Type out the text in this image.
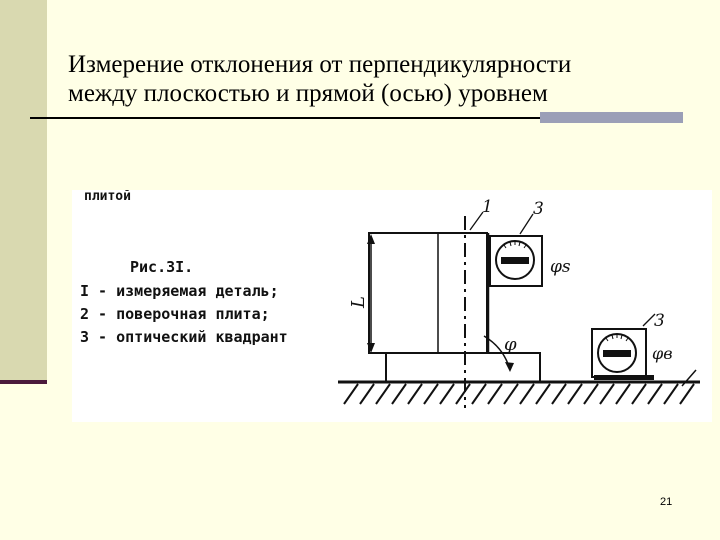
Измерение отклонения от перпендикулярности
между плоскостью и прямой (осью) уровнем
плитой
Рис.3I.
I - измеряемая деталь;
2 - поверочная плита;
3 - оптический квадрант
L
φ
φs
1 3
φв
3
21
